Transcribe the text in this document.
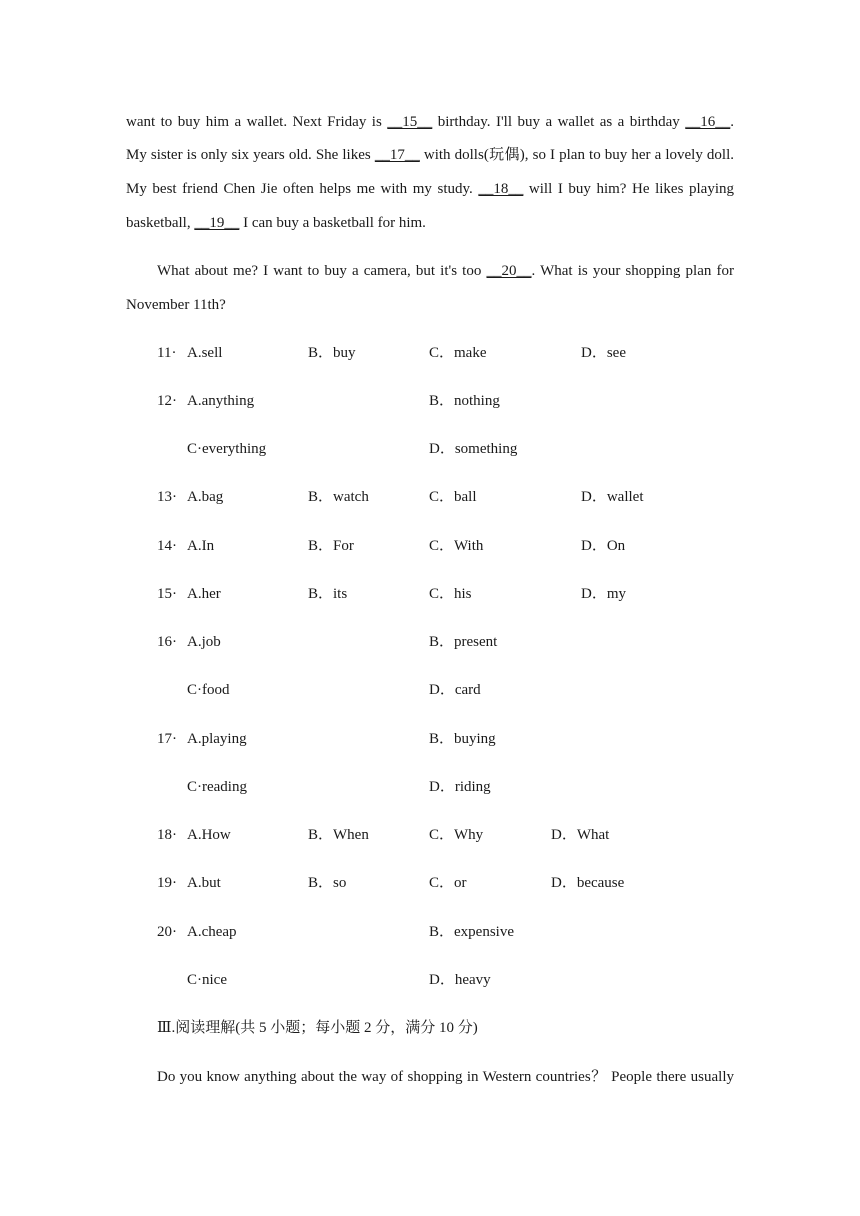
want to buy him a wallet. Next Friday is __15__ birthday. I'll buy a wallet as a birthday __16__.
My sister is only six years old. She likes __17__ with dolls(玩偶), so I plan to buy her a lovely doll.
My best friend Chen Jie often helps me with my study. __18__ will I buy him? He likes playing
basketball, __19__ I can buy a basketball for him.
What about me? I want to buy a camera, but it's too __20__. What is your shopping plan for
November 11th?
11· A.sell	B．buy	C．make	D．see
12· A.anything	B．nothing
C·everything	D．something
13· A.bag	B．watch	C．ball	D．wallet
14· A.In	B．For	C．With	D．On
15· A.her	B．its	C．his	D．my
16· A.job	B．present
C·food	D．card
17· A.playing	B．buying
C·reading	D．riding
18· A.How	B．When	C．Why	D．What
19· A.but	B．so	C．or	D．because
20· A.cheap	B．expensive
C·nice	D．heavy
Ⅲ.阅读理解(共 5 小题；每小题 2 分，满分 10 分)
Do you know anything about the way of shopping in Western countries？ People there usually
